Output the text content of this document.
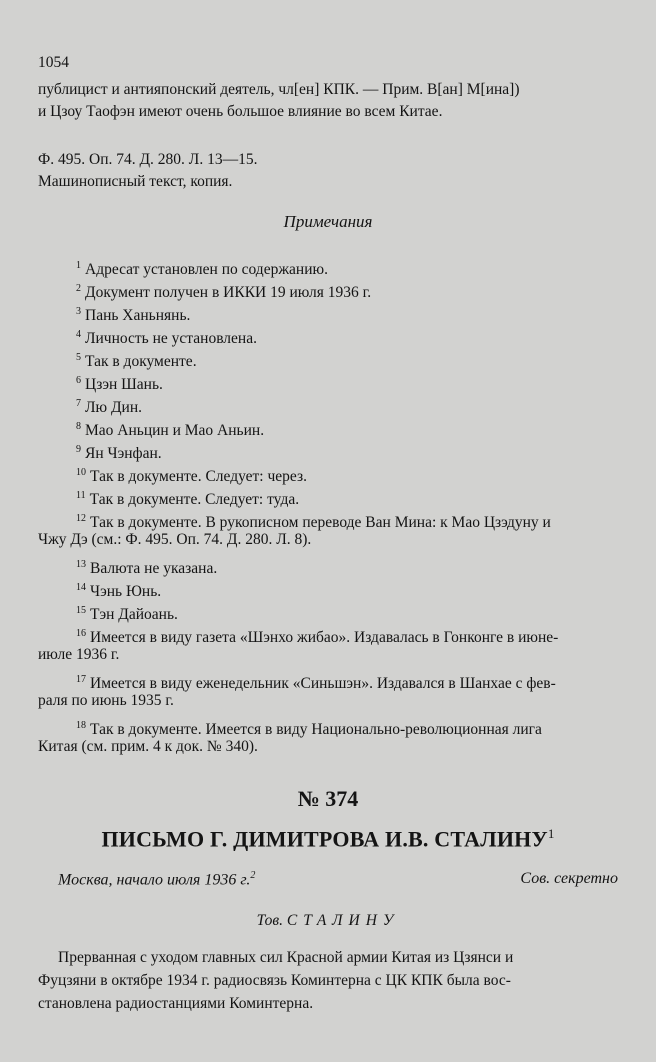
1054
публицист и антияпонский деятель, чл[ен] КПК. — Прим. В[ан] М[ина])
и Цзоу Таофэн имеют очень большое влияние во всем Китае.
Ф. 495. Оп. 74. Д. 280. Л. 13—15.
Машинописный текст, копия.
Примечания
$^1$ Адресат установлен по содержанию.
$^2$ Документ получен в ИККИ 19 июля 1936 г.
$^3$ Пань Ханьнянь.
$^4$ Личность не установлена.
$^5$ Так в документе.
$^6$ Цзэн Шань.
$^7$ Лю Дин.
$^8$ Мао Аньцин и Мао Аньин.
$^9$ Ян Чэнфан.
$^{10}$ Так в документе. Следует: через.
$^{11}$ Так в документе. Следует: туда.
$^{12}$ Так в документе. В рукописном переводе Ван Мина: к Мао Цзэдуну и
Чжу Дэ (см.: Ф. 495. Оп. 74. Д. 280. Л. 8).
$^{13}$ Валюта не указана.
$^{14}$ Чэнь Юнь.
$^{15}$ Тэн Дайоань.
$^{16}$ Имеется в виду газета «Шэнхо жибао». Издавалась в Гонконге в июне-
июле 1936 г.
$^{17}$ Имеется в виду еженедельник «Синьшэн». Издавался в Шанхае с фев-
раля по июнь 1935 г.
$^{18}$ Так в документе. Имеется в виду Национально-революционная лига
Китая (см. прим. 4 к док. № 340).
№ 374
ПИСЬМО Г. ДИМИТРОВА И.В. СТАЛИНУ$^1$
Москва, начало июля 1936 г.$^2$	Сов. секретно
Тов. СТАЛИНУ
Прерванная с уходом главных сил Красной армии Китая из Цзянси и
Фуцзяни в октябре 1934 г. радиосвязь Коминтерна с ЦК КПК была вос-
становлена радиостанциями Коминтерна.
